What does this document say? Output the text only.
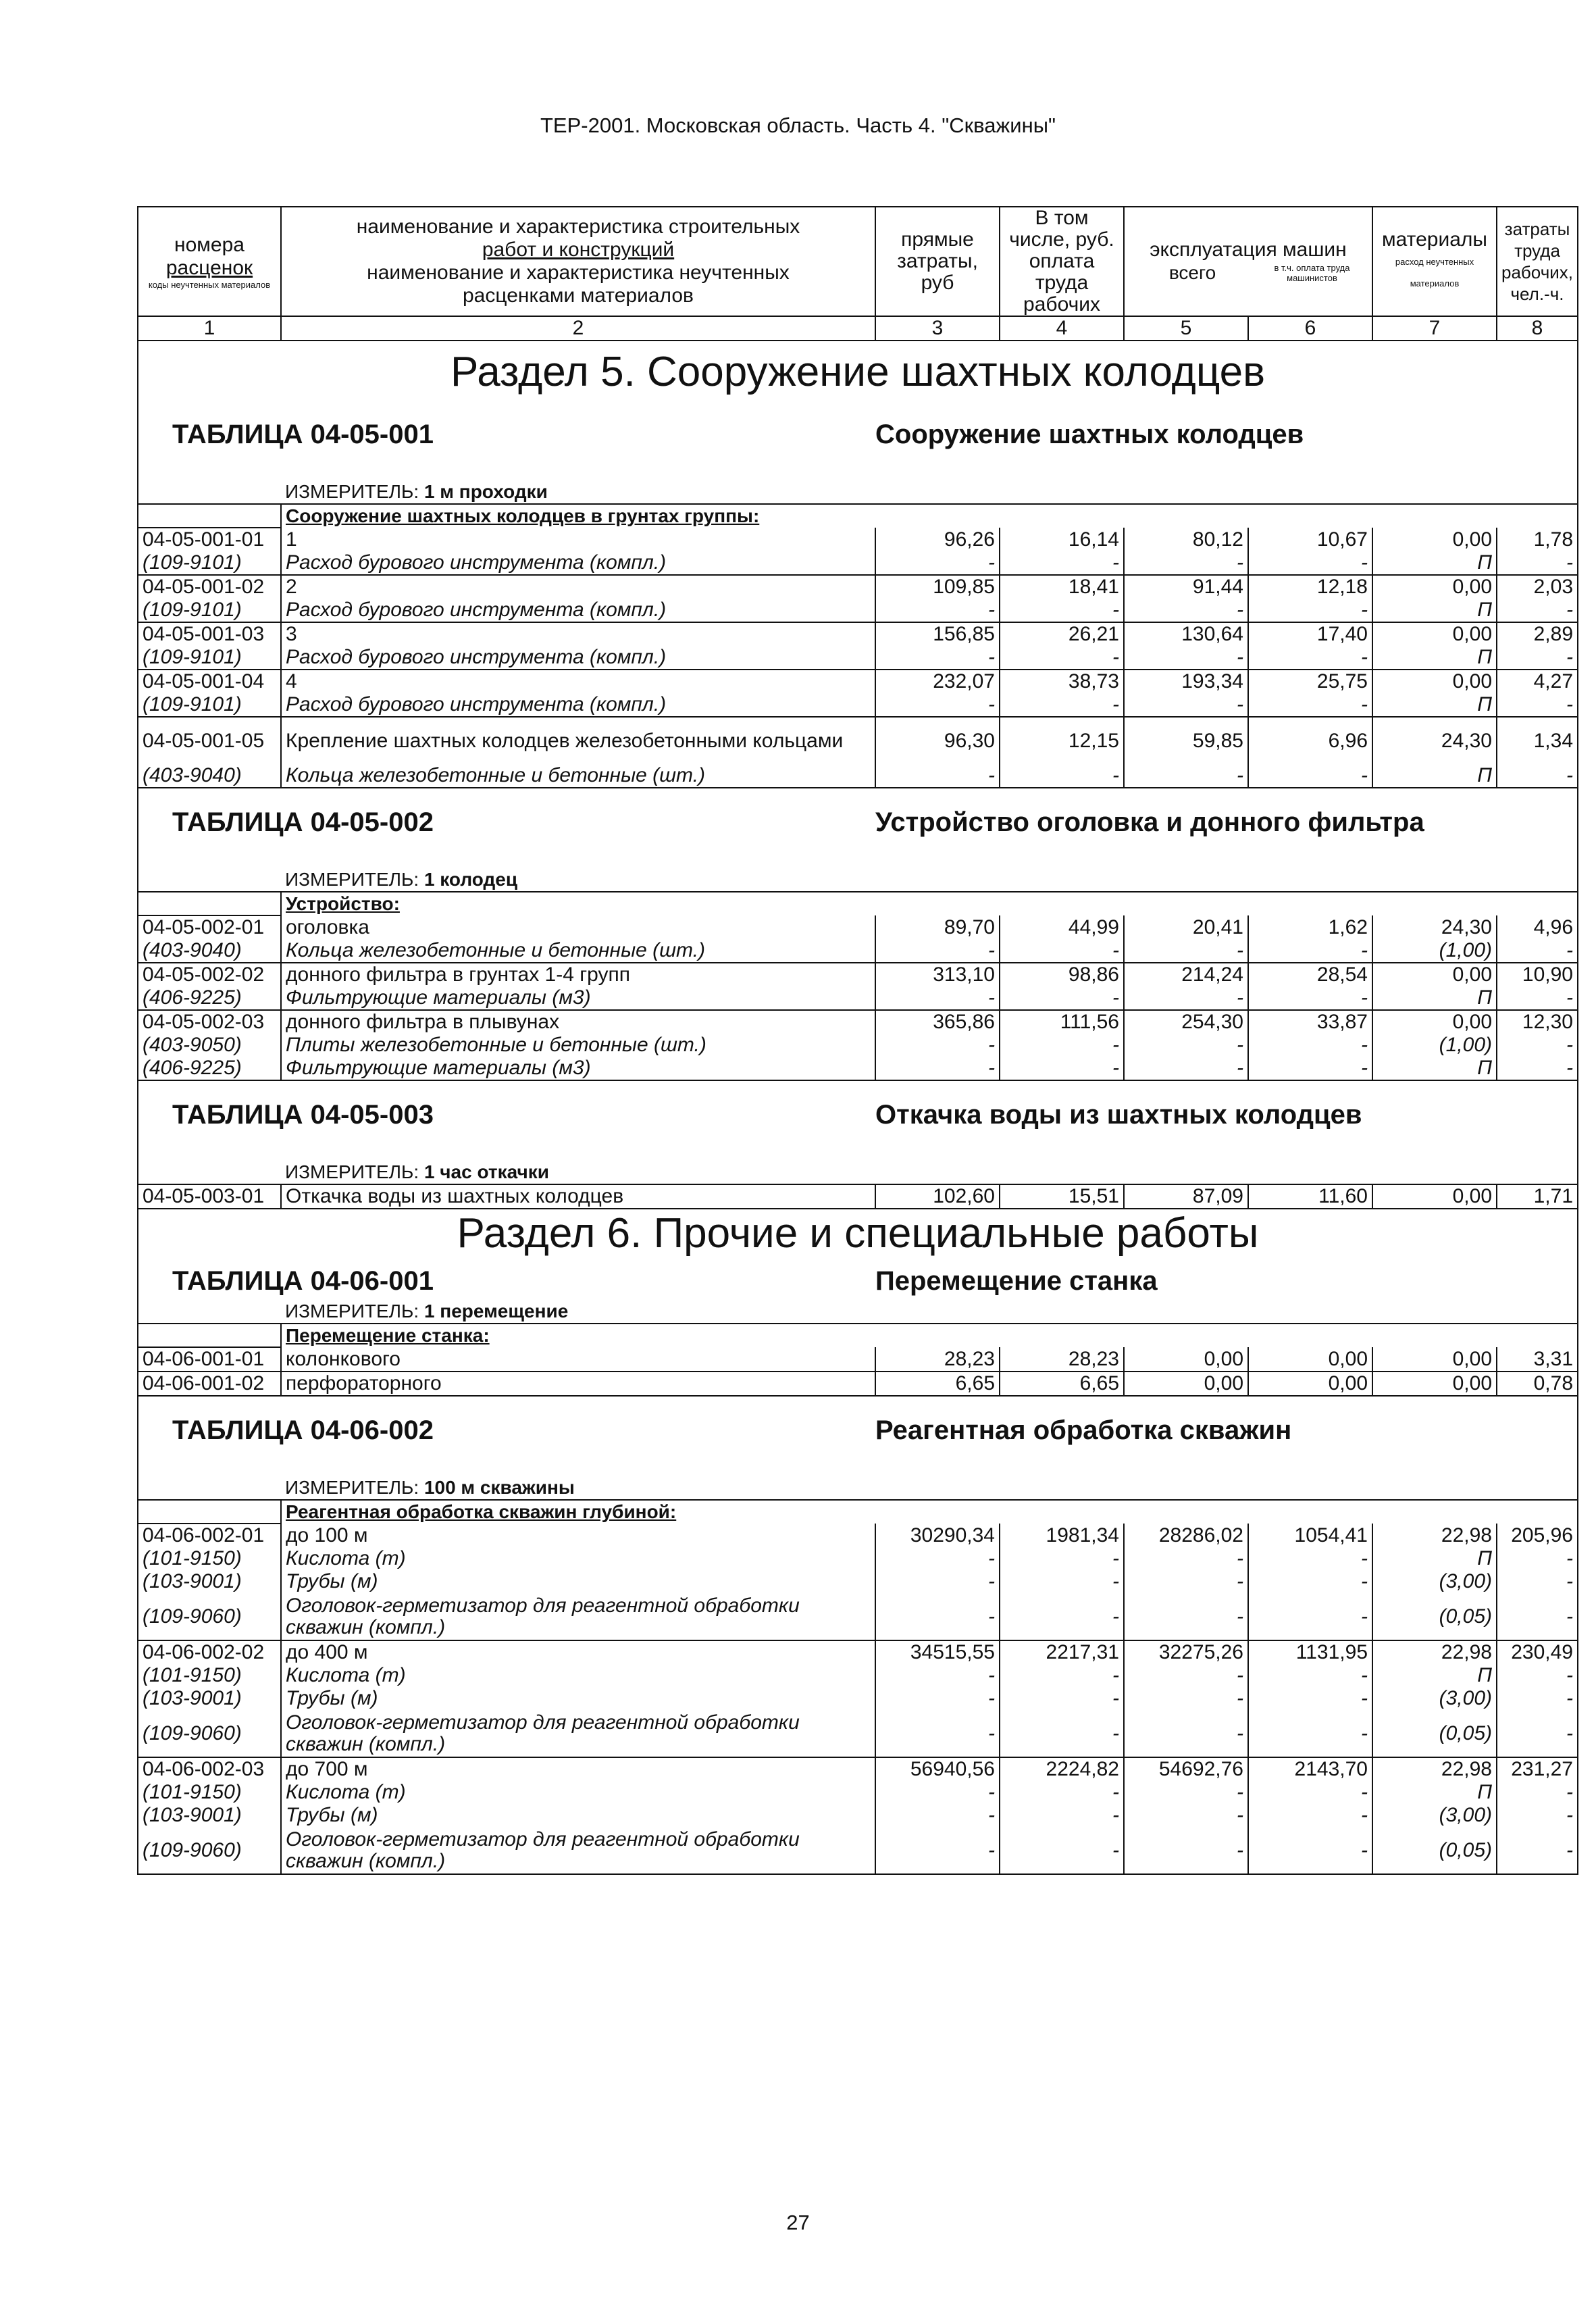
ТЕР-2001. Московская область. Часть 4. "Скважины"
номера
расценок
коды неучтенных материалов

наименование и характеристика строительных
работ и конструкций
наименование и характеристика неучтенных
расценками материалов
	прямые затраты, руб	
В том числе, руб.
оплата труда рабочих

эксплуатация машин
всего	в т.ч. оплата труда машинистов

материалы
расход неучтенных материалов
	затраты труда рабочих, чел.-ч.	
1	2	3	4	5	6	7	8	
Раздел 5. Сооружение шахтных колодцев	
ТАБЛИЦА 04-05-001	Сооружение шахтных колодцев	
	ИЗМЕРИТЕЛЬ: 1 м проходки	
	Сооружение шахтных колодцев в грунтах группы:		
04-05-001-01	1	96,26	16,14	80,12	10,67	0,00	1,78	
(109-9101)	Расход бурового инструмента (компл.)	-	-	-	-	П	-	
04-05-001-02	2	109,85	18,41	91,44	12,18	0,00	2,03	
(109-9101)	Расход бурового инструмента (компл.)	-	-	-	-	П	-	
04-05-001-03	3	156,85	26,21	130,64	17,40	0,00	2,89	
(109-9101)	Расход бурового инструмента (компл.)	-	-	-	-	П	-	
04-05-001-04	4	232,07	38,73	193,34	25,75	0,00	4,27	
(109-9101)	Расход бурового инструмента (компл.)	-	-	-	-	П	-	
04-05-001-05	Крепление шахтных колодцев железобетонными кольцами	96,30	12,15	59,85	6,96	24,30	1,34	
(403-9040)	Кольца железобетонные и бетонные (шт.)	-	-	-	-	П	-	
ТАБЛИЦА 04-05-002	Устройство оголовка и донного фильтра	
	ИЗМЕРИТЕЛЬ: 1 колодец	
	Устройство:		
04-05-002-01	оголовка	89,70	44,99	20,41	1,62	24,30	4,96	
(403-9040)	Кольца железобетонные и бетонные (шт.)	-	-	-	-	(1,00)	-	
04-05-002-02	донного фильтра в грунтах 1-4 групп	313,10	98,86	214,24	28,54	0,00	10,90	
(406-9225)	Фильтрующие материалы (м3)	-	-	-	-	П	-	
04-05-002-03	донного фильтра в плывунах	365,86	111,56	254,30	33,87	0,00	12,30	
(403-9050)	Плиты железобетонные и бетонные (шт.)	-	-	-	-	(1,00)	-	
(406-9225)	Фильтрующие материалы (м3)	-	-	-	-	П	-	
ТАБЛИЦА 04-05-003	Откачка воды из шахтных колодцев	
	ИЗМЕРИТЕЛЬ: 1 час откачки	
04-05-003-01	Откачка воды из шахтных колодцев	102,60	15,51	87,09	11,60	0,00	1,71	
Раздел 6. Прочие и специальные работы	
ТАБЛИЦА 04-06-001	Перемещение станка	
	ИЗМЕРИТЕЛЬ: 1 перемещение	
	Перемещение станка:		
04-06-001-01	колонкового	28,23	28,23	0,00	0,00	0,00	3,31	
04-06-001-02	перфораторного	6,65	6,65	0,00	0,00	0,00	0,78	
ТАБЛИЦА 04-06-002	Реагентная обработка скважин	
	ИЗМЕРИТЕЛЬ: 100 м скважины	
	Реагентная обработка скважин глубиной:		
04-06-002-01	до 100 м	30290,34	1981,34	28286,02	1054,41	22,98	205,96	
(101-9150)	Кислота (т)	-	-	-	-	П	-	
(103-9001)	Трубы (м)	-	-	-	-	(3,00)	-	
(109-9060)	Оголовок-герметизатор для реагентной обработки скважин (компл.)	-	-	-	-	(0,05)	-	
04-06-002-02	до 400 м	34515,55	2217,31	32275,26	1131,95	22,98	230,49	
(101-9150)	Кислота (т)	-	-	-	-	П	-	
(103-9001)	Трубы (м)	-	-	-	-	(3,00)	-	
(109-9060)	Оголовок-герметизатор для реагентной обработки скважин (компл.)	-	-	-	-	(0,05)	-	
04-06-002-03	до 700 м	56940,56	2224,82	54692,76	2143,70	22,98	231,27	
(101-9150)	Кислота (т)	-	-	-	-	П	-	
(103-9001)	Трубы (м)	-	-	-	-	(3,00)	-	
(109-9060)	Оголовок-герметизатор для реагентной обработки скважин (компл.)	-	-	-	-	(0,05)	-	
27
